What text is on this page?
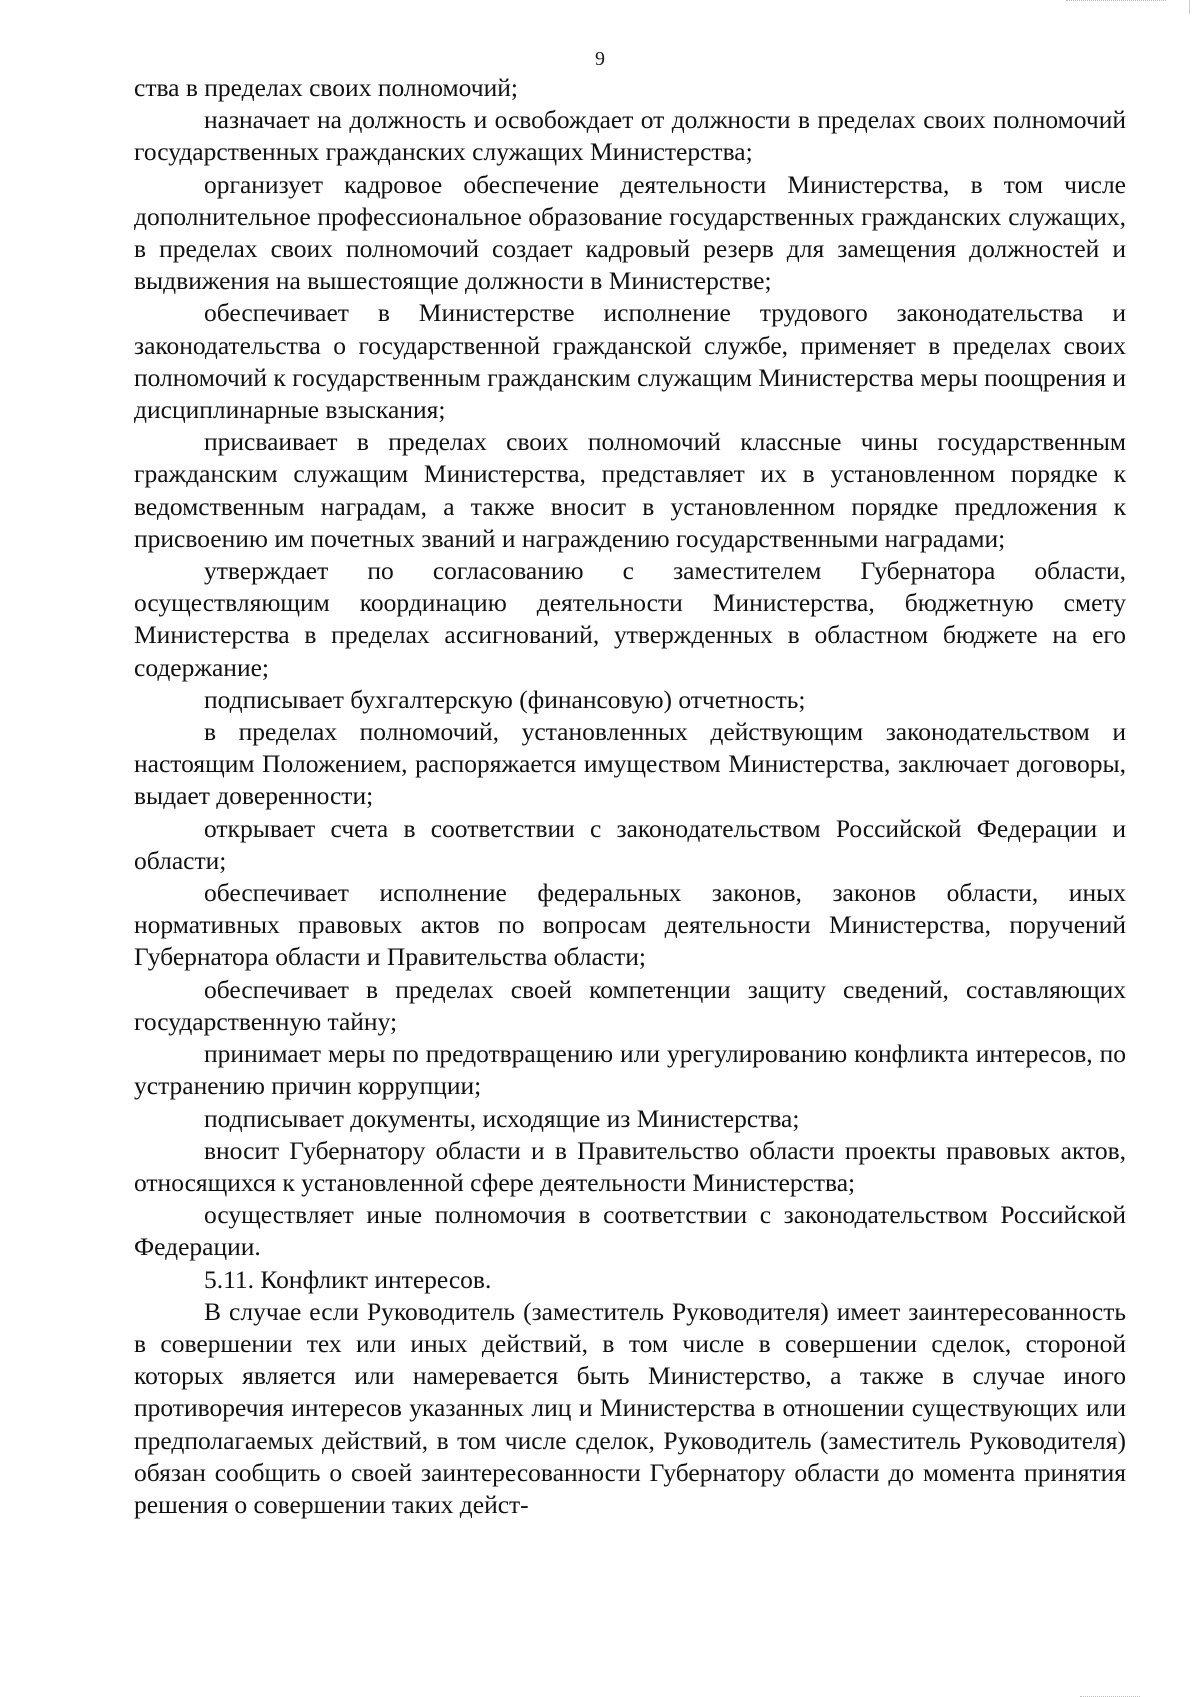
9

ства в пределах своих полномочий;

назначает на должность и освобождает от должности в пределах своих полномочий государственных гражданских служащих Министерства;

организует кадровое обеспечение деятельности Министерства, в том числе дополнительное профессиональное образование государственных гражданских служащих, в пределах своих полномочий создает кадровый резерв для замещения должностей и выдвижения на вышестоящие должности в Министерстве;

обеспечивает в Министерстве исполнение трудового законодательства и законодательства о государственной гражданской службе, применяет в пределах своих полномочий к государственным гражданским служащим Министерства меры поощрения и дисциплинарные взыскания;

присваивает в пределах своих полномочий классные чины государственным гражданским служащим Министерства, представляет их в установленном порядке к ведомственным наградам, а также вносит в установленном порядке предложения к присвоению им почетных званий и награждению государственными наградами;

утверждает по согласованию с заместителем Губернатора области, осуществляющим координацию деятельности Министерства, бюджетную смету Министерства в пределах ассигнований, утвержденных в областном бюджете на его содержание;

подписывает бухгалтерскую (финансовую) отчетность;

в пределах полномочий, установленных действующим законодательством и настоящим Положением, распоряжается имуществом Министерства, заключает договоры, выдает доверенности;

открывает счета в соответствии с законодательством Российской Федерации и области;

обеспечивает исполнение федеральных законов, законов области, иных нормативных правовых актов по вопросам деятельности Министерства, поручений Губернатора области и Правительства области;

обеспечивает в пределах своей компетенции защиту сведений, составляющих государственную тайну;

принимает меры по предотвращению или урегулированию конфликта интересов, по устранению причин коррупции;

подписывает документы, исходящие из Министерства;

вносит Губернатору области и в Правительство области проекты правовых актов, относящихся к установленной сфере деятельности Министерства;

осуществляет иные полномочия в соответствии с законодательством Российской Федерации.

5.11. Конфликт интересов.

В случае если Руководитель (заместитель Руководителя) имеет заинтересованность в совершении тех или иных действий, в том числе в совершении сделок, стороной которых является или намеревается быть Министерство, а также в случае иного противоречия интересов указанных лиц и Министерства в отношении существующих или предполагаемых действий, в том числе сделок, Руководитель (заместитель Руководителя) обязан сообщить о своей заинтересованности Губернатору области до момента принятия решения о совершении таких дейст-
